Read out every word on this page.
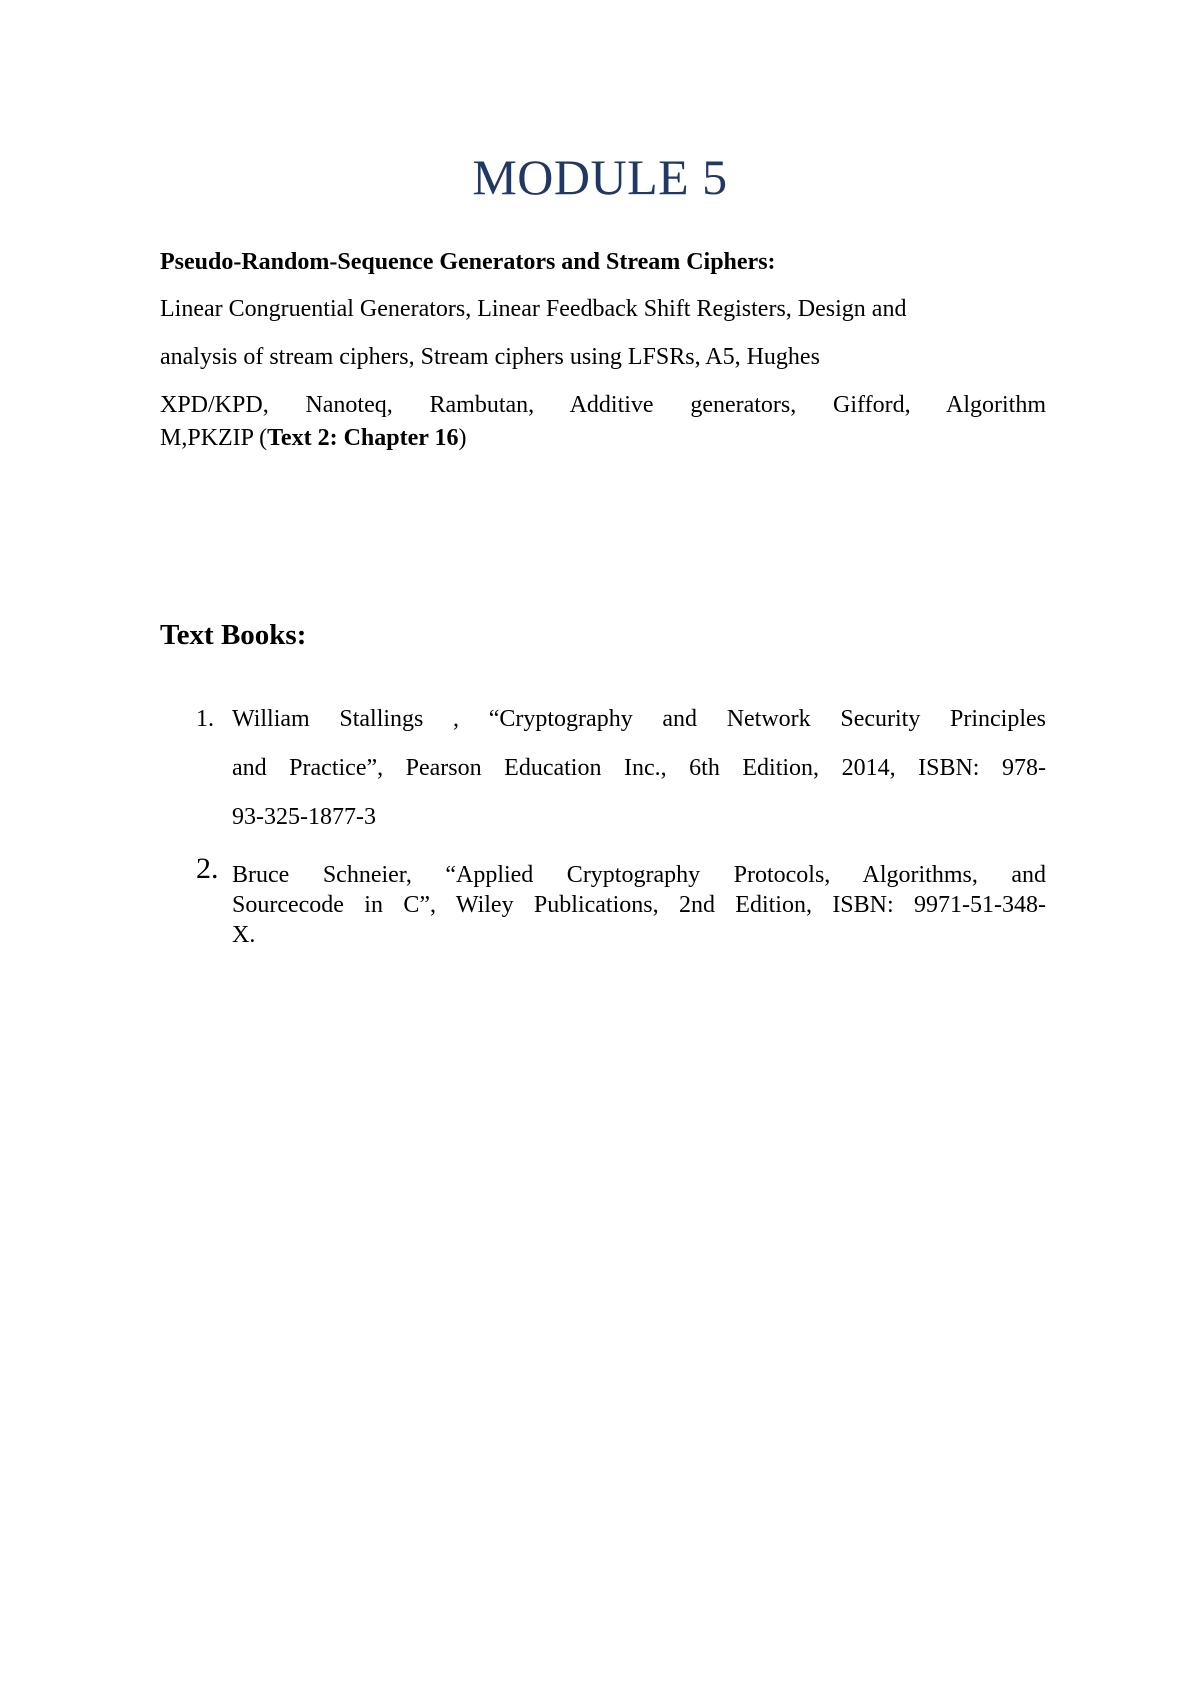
MODULE 5
Pseudo-Random-Sequence Generators and Stream Ciphers:
Linear Congruential Generators, Linear Feedback Shift Registers, Design and
analysis of stream ciphers, Stream ciphers using LFSRs, A5, Hughes
XPD/KPD, Nanoteq, Rambutan, Additive generators, Gifford, Algorithm
M,PKZIP (Text 2: Chapter 16)
Text Books:
1. William Stallings , “Cryptography and Network Security Principles
and Practice”, Pearson Education Inc., 6th Edition, 2014, ISBN: 978-
93-325-1877-3
2. Bruce Schneier, “Applied Cryptography Protocols, Algorithms, and
Sourcecode in C”, Wiley Publications, 2nd Edition, ISBN: 9971-51-348-
X.
